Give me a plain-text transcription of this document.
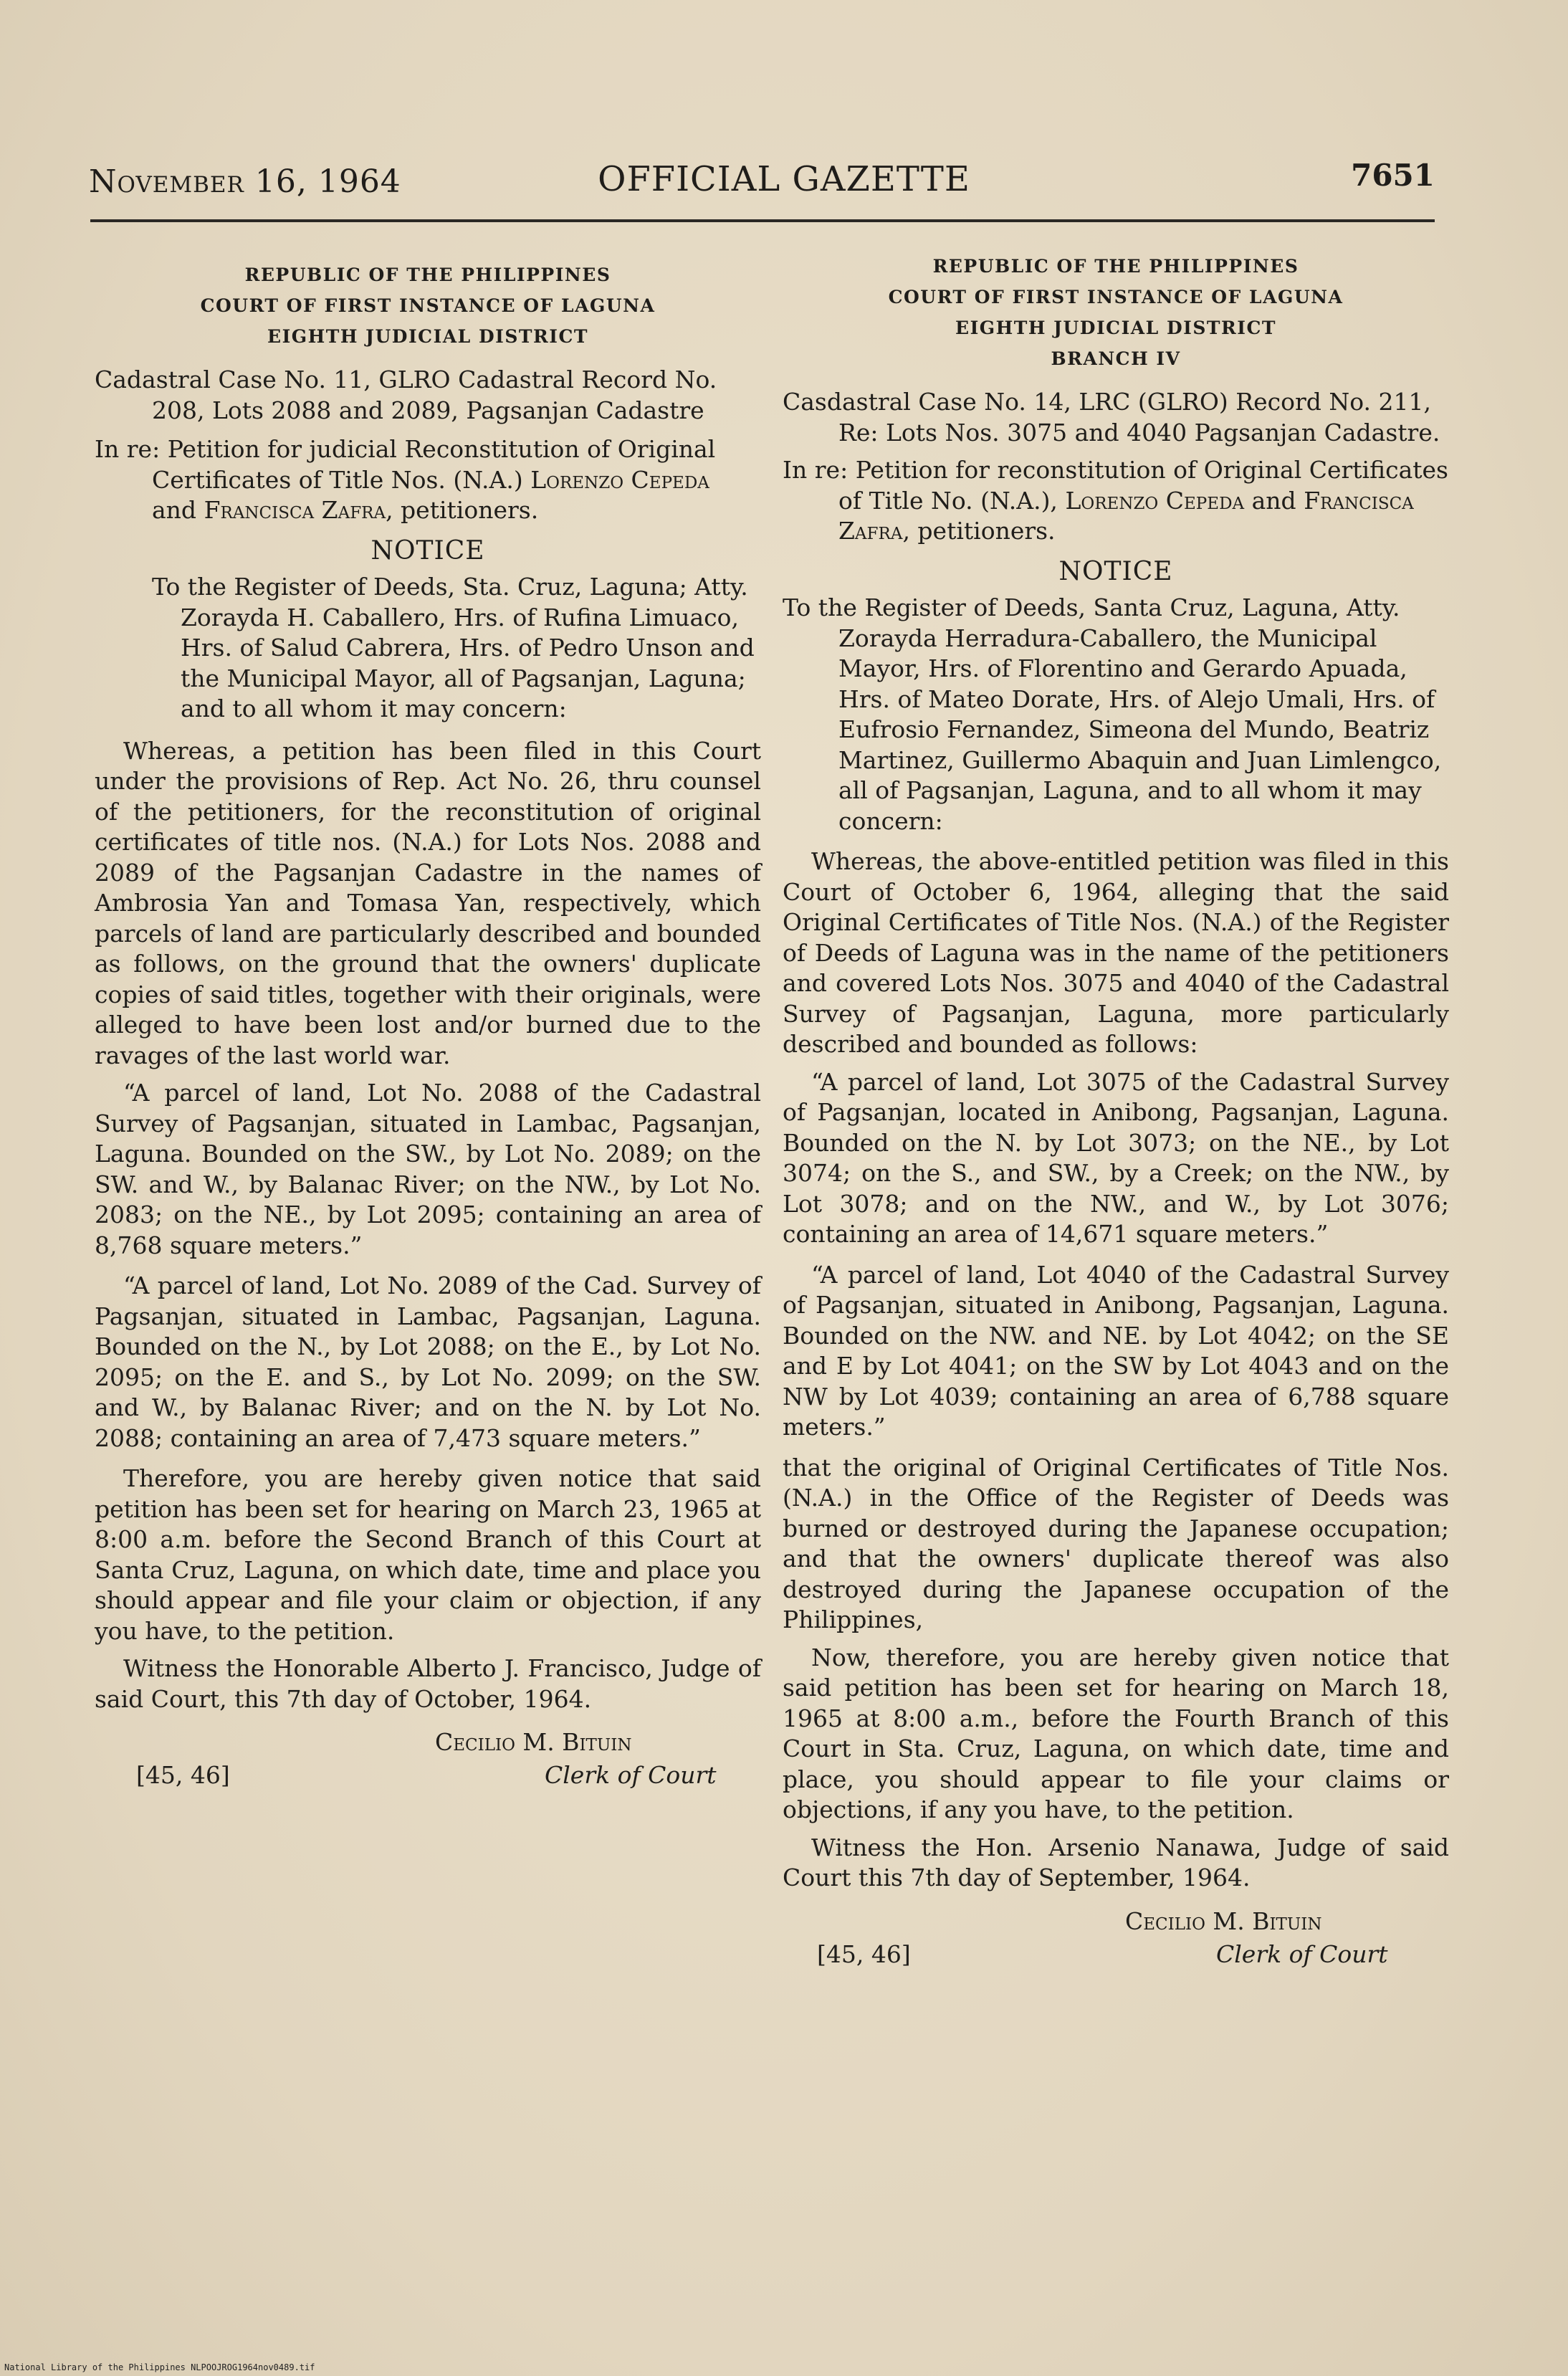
November 16, 1964	OFFICIAL GAZETTE	7651
REPUBLIC OF THE PHILIPPINES
COURT OF FIRST INSTANCE OF LAGUNA
EIGHTH JUDICIAL DISTRICT

Cadastral Case No. 11, GLRO Cadastral Record No. 208, Lots 2088 and 2089, Pagsanjan Cadastre

In re: Petition for judicial Reconstitution of Original Certificates of Title Nos. (N.A.) Lorenzo Cepeda and Francisca Zafra, petitioners.

NOTICE

To the Register of Deeds, Sta. Cruz, Laguna; Atty. Zorayda H. Caballero, Hrs. of Rufina Limuaco, Hrs. of Salud Cabrera, Hrs. of Pedro Unson and the Municipal Mayor, all of Pagsanjan, Laguna; and to all whom it may concern:

Whereas, a petition has been filed in this Court under the provisions of Rep. Act No. 26, thru counsel of the petitioners, for the reconstitution of original certificates of title nos. (N.A.) for Lots Nos. 2088 and 2089 of the Pagsanjan Cadastre in the names of Ambrosia Yan and Tomasa Yan, respectively, which parcels of land are particularly described and bounded as follows, on the ground that the owners' duplicate copies of said titles, together with their originals, were alleged to have been lost and/or burned due to the ravages of the last world war.

“A parcel of land, Lot No. 2088 of the Cadastral Survey of Pagsanjan, situated in Lambac, Pagsanjan, Laguna. Bounded on the SW., by Lot No. 2089; on the SW. and W., by Balanac River; on the NW., by Lot No. 2083; on the NE., by Lot 2095; containing an area of 8,768 square meters.”

“A parcel of land, Lot No. 2089 of the Cad. Survey of Pagsanjan, situated in Lambac, Pagsanjan, Laguna. Bounded on the N., by Lot 2088; on the E., by Lot No. 2095; on the E. and S., by Lot No. 2099; on the SW. and W., by Balanac River; and on the N. by Lot No. 2088; containing an area of 7,473 square meters.”

Therefore, you are hereby given notice that said petition has been set for hearing on March 23, 1965 at 8:00 a.m. before the Second Branch of this Court at Santa Cruz, Laguna, on which date, time and place you should appear and file your claim or objection, if any you have, to the petition.

Witness the Honorable Alberto J. Francisco, Judge of said Court, this 7th day of October, 1964.

Cecilio M. Bituin
[45, 46]	Clerk of Court
REPUBLIC OF THE PHILIPPINES
COURT OF FIRST INSTANCE OF LAGUNA
EIGHTH JUDICIAL DISTRICT
BRANCH IV

Casdastral Case No. 14, LRC (GLRO) Record No. 211, Re: Lots Nos. 3075 and 4040 Pagsanjan Cadastre.

In re: Petition for reconstitution of Original Certificates of Title No. (N.A.), Lorenzo Cepeda and Francisca Zafra, petitioners.

NOTICE

To the Register of Deeds, Santa Cruz, Laguna, Atty. Zorayda Herradura-Caballero, the Municipal Mayor, Hrs. of Florentino and Gerardo Apuada, Hrs. of Mateo Dorate, Hrs. of Alejo Umali, Hrs. of Eufrosio Fernandez, Simeona del Mundo, Beatriz Martinez, Guillermo Abaquin and Juan Limlengco, all of Pagsanjan, Laguna, and to all whom it may concern:

Whereas, the above-entitled petition was filed in this Court of October 6, 1964, alleging that the said Original Certificates of Title Nos. (N.A.) of the Register of Deeds of Laguna was in the name of the petitioners and covered Lots Nos. 3075 and 4040 of the Cadastral Survey of Pagsanjan, Laguna, more particularly described and bounded as follows:

“A parcel of land, Lot 3075 of the Cadastral Survey of Pagsanjan, located in Anibong, Pagsanjan, Laguna. Bounded on the N. by Lot 3073; on the NE., by Lot 3074; on the S., and SW., by a Creek; on the NW., by Lot 3078; and on the NW., and W., by Lot 3076; containing an area of 14,671 square meters.”

“A parcel of land, Lot 4040 of the Cadastral Survey of Pagsanjan, situated in Anibong, Pagsanjan, Laguna. Bounded on the NW. and NE. by Lot 4042; on the SE and E by Lot 4041; on the SW by Lot 4043 and on the NW by Lot 4039; containing an area of 6,788 square meters.”

that the original of Original Certificates of Title Nos. (N.A.) in the Office of the Register of Deeds was burned or destroyed during the Japanese occupation; and that the owners' duplicate thereof was also destroyed during the Japanese occupation of the Philippines,

Now, therefore, you are hereby given notice that said petition has been set for hearing on March 18, 1965 at 8:00 a.m., before the Fourth Branch of this Court in Sta. Cruz, Laguna, on which date, time and place, you should appear to file your claims or objections, if any you have, to the petition.

Witness the Hon. Arsenio Nanawa, Judge of said Court this 7th day of September, 1964.

Cecilio M. Bituin
[45, 46]	Clerk of Court
National Library of the Philippines NLPOOJROG1964nov0489.tif
